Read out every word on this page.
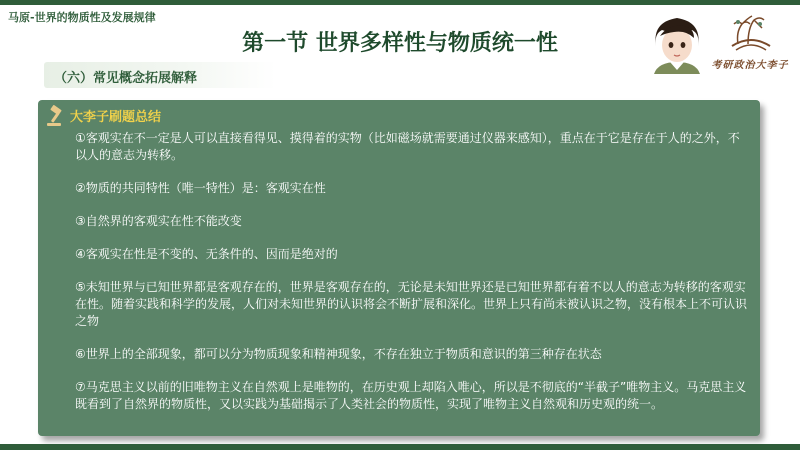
马原-世界的物质性及发展规律
第一节 世界多样性与物质统一性
考研政治大李子
（六）常见概念拓展解释
大李子刷题总结
①客观实在不一定是人可以直接看得见、摸得着的实物（比如磁场就需要通过仪器来感知），重点在于它是存在于人的之外，不以人的意志为转移。
②物质的共同特性（唯一特性）是：客观实在性
③自然界的客观实在性不能改变
④客观实在性是不变的、无条件的、因而是绝对的
⑤未知世界与已知世界都是客观存在的，世界是客观存在的，无论是未知世界还是已知世界都有着不以人的意志为转移的客观实在性。随着实践和科学的发展，人们对未知世界的认识将会不断扩展和深化。世界上只有尚未被认识之物，没有根本上不可认识之物
⑥世界上的全部现象，都可以分为物质现象和精神现象，不存在独立于物质和意识的第三种存在状态
⑦马克思主义以前的旧唯物主义在自然观上是唯物的，在历史观上却陷入唯心，所以是不彻底的“半截子”唯物主义。马克思主义既看到了自然界的物质性，又以实践为基础揭示了人类社会的物质性，实现了唯物主义自然观和历史观的统一。
